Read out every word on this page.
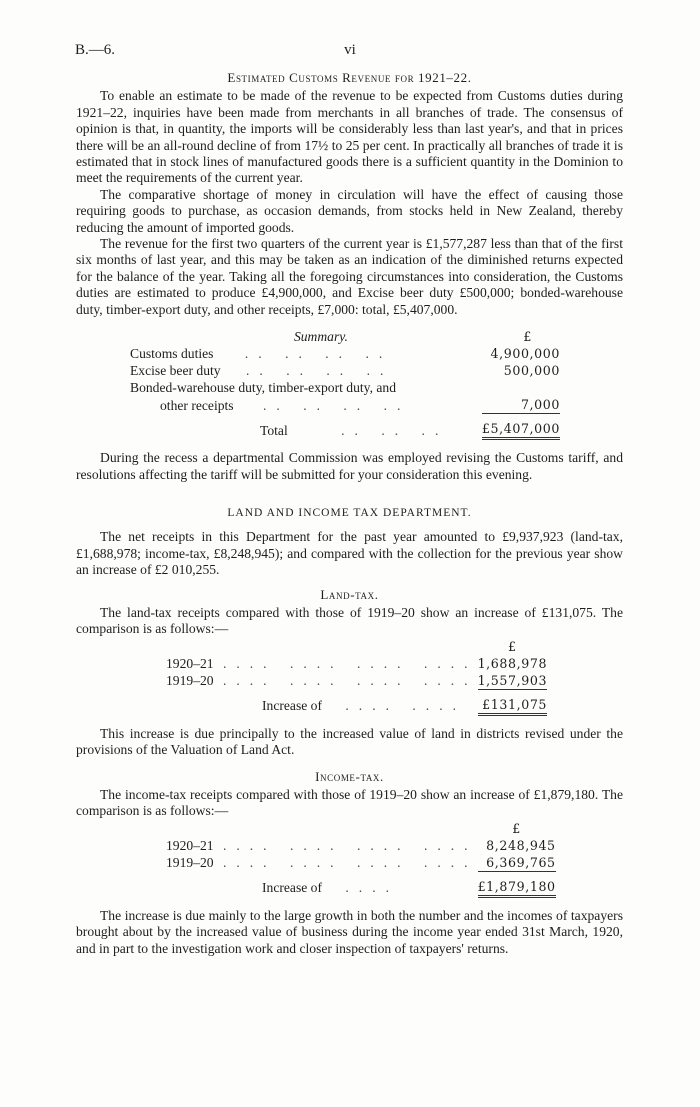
B.—6.	vi
Estimated Customs Revenue for 1921–22.

To enable an estimate to be made of the revenue to be expected from Customs duties during 1921–22, inquiries have been made from merchants in all branches of trade. The consensus of opinion is that, in quantity, the imports will be considerably less than last year's, and that in prices there will be an all-round decline of from 17½ to 25 per cent. In practically all branches of trade it is estimated that in stock lines of manufactured goods there is a sufficient quantity in the Dominion to meet the requirements of the current year.

The comparative shortage of money in circulation will have the effect of causing those requiring goods to purchase, as occasion demands, from stocks held in New Zealand, thereby reducing the amount of imported goods.

The revenue for the first two quarters of the current year is £1,577,287 less than that of the first six months of last year, and this may be taken as an indication of the diminished returns expected for the balance of the year. Taking all the foregoing circumstances into consideration, the Customs duties are estimated to produce £4,900,000, and Excise beer duty £500,000; bonded-warehouse duty, timber-export duty, and other receipts, £7,000: total, £5,407,000.

Summary.	£
Customs duties .. .. .. ..	4,900,000
Excise beer duty .. .. .. ..	500,000
Bonded-warehouse duty, timber-export duty, and	
other receipts .. .. .. ..	7,000
Total .. .. ..	£5,407,000

During the recess a departmental Commission was employed revising the Customs tariff, and resolutions affecting the tariff will be submitted for your consideration this evening.

LAND AND INCOME TAX DEPARTMENT.

The net receipts in this Department for the past year amounted to £9,937,923 (land-tax, £1,688,978; income-tax, £8,248,945); and compared with the collection for the previous year show an increase of £2 010,255.

Land-tax.

The land-tax receipts compared with those of 1919–20 show an increase of £131,075. The comparison is as follows:—

	£
1920–21 .... .... .... ....	1,688,978
1919–20 .... .... .... ....	1,557,903
Increase of .... ....	£131,075

This increase is due principally to the increased value of land in districts revised under the provisions of the Valuation of Land Act.

Income-tax.

The income-tax receipts compared with those of 1919–20 show an increase of £1,879,180. The comparison is as follows:—

	£
1920–21 .... .... .... ....	8,248,945
1919–20 .... .... .... ....	6,369,765
Increase of ....	£1,879,180

The increase is due mainly to the large growth in both the number and the incomes of taxpayers brought about by the increased value of business during the income year ended 31st March, 1920, and in part to the investigation work and closer inspection of taxpayers' returns.
